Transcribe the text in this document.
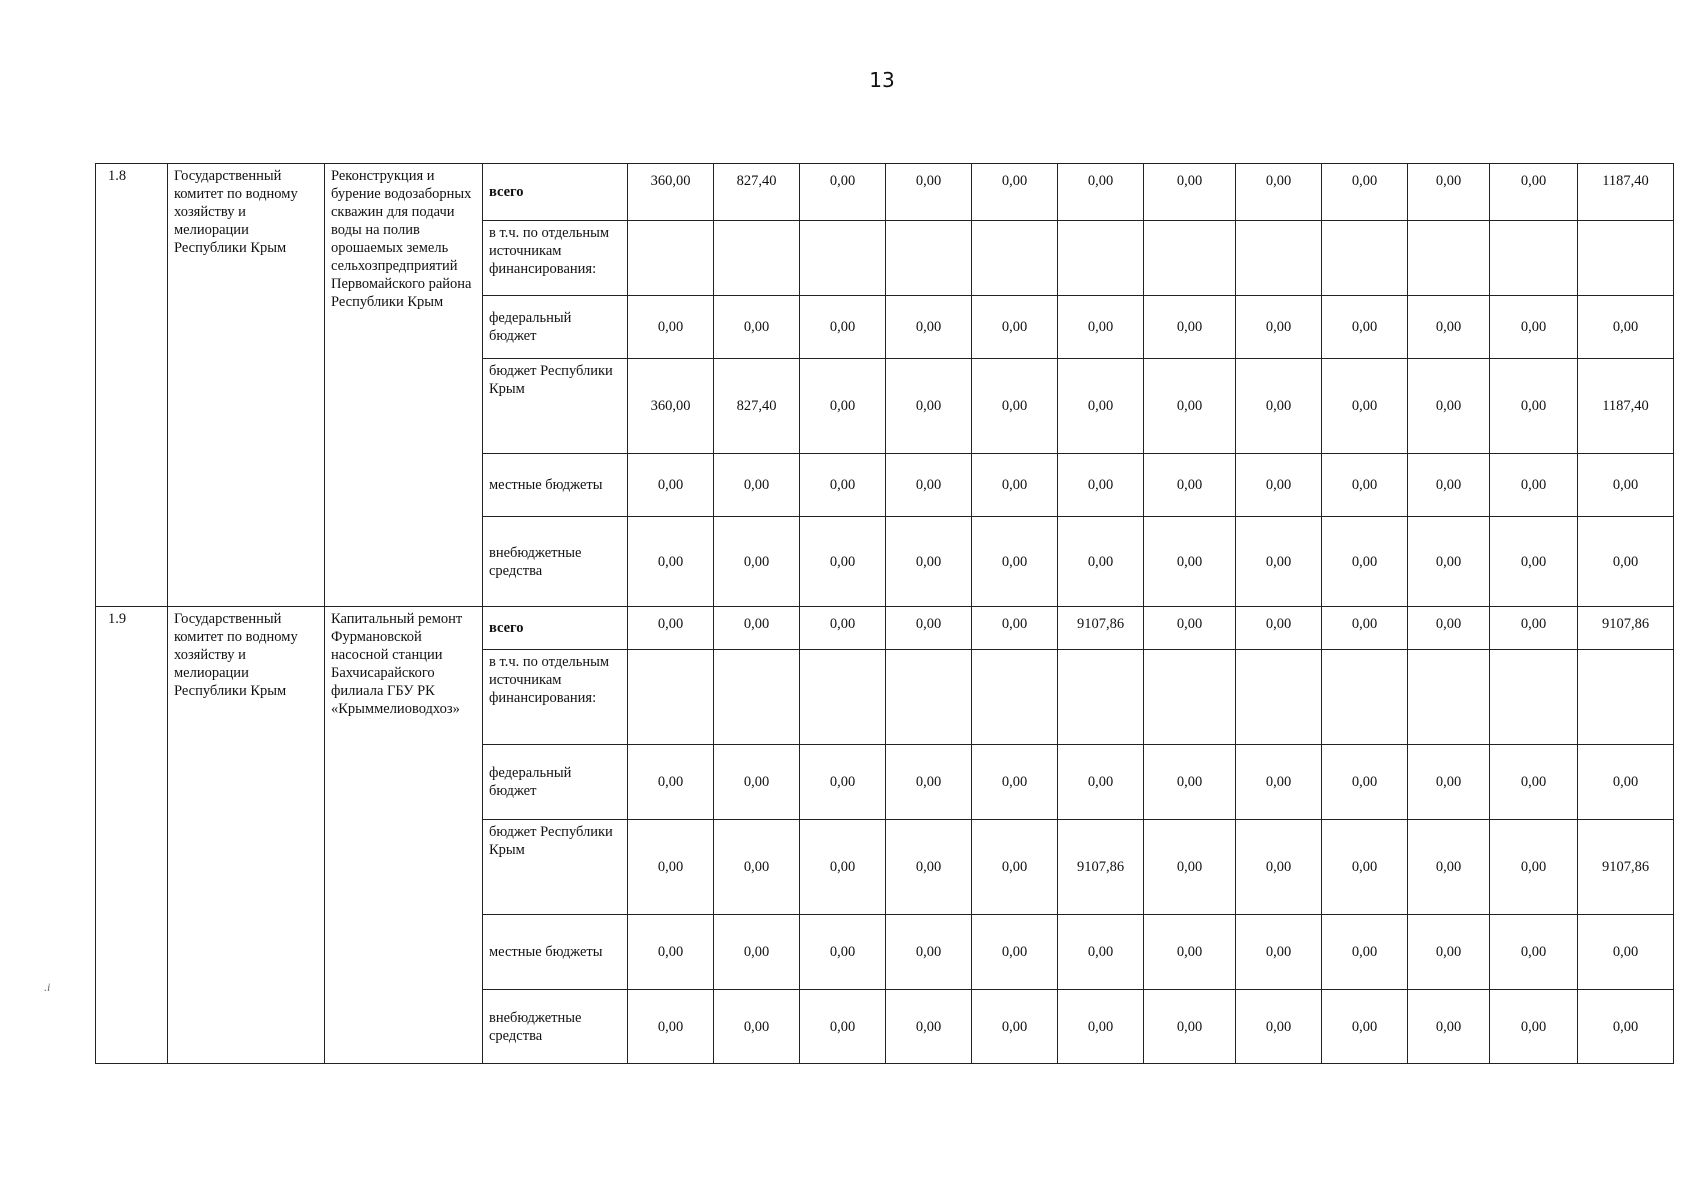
13
1.8	Государственный комитет по водному хозяйству и мелиорации Республики Крым	Реконструкция и бурение водозаборных скважин для подачи воды на полив орошаемых земель сельхозпредприятий Первомайского района Республики Крым	всего	360,00	827,40	0,00	0,00	0,00	0,00	0,00	0,00	0,00	0,00	0,00	1187,40
			в т.ч. по отдельным источникам финансирования:												
			федеральный бюджет	0,00	0,00	0,00	0,00	0,00	0,00	0,00	0,00	0,00	0,00	0,00	0,00
			бюджет Республики Крым	360,00	827,40	0,00	0,00	0,00	0,00	0,00	0,00	0,00	0,00	0,00	1187,40
			местные бюджеты	0,00	0,00	0,00	0,00	0,00	0,00	0,00	0,00	0,00	0,00	0,00	0,00
			внебюджетные средства	0,00	0,00	0,00	0,00	0,00	0,00	0,00	0,00	0,00	0,00	0,00	0,00
1.9	Государственный комитет по водному хозяйству и мелиорации Республики Крым	Капитальный ремонт Фурмановской насосной станции Бахчисарайского филиала ГБУ РК «Крыммелиоводхоз»	всего	0,00	0,00	0,00	0,00	0,00	9107,86	0,00	0,00	0,00	0,00	0,00	9107,86
			в т.ч. по отдельным источникам финансирования:												
			федеральный бюджет	0,00	0,00	0,00	0,00	0,00	0,00	0,00	0,00	0,00	0,00	0,00	0,00
			бюджет Республики Крым	0,00	0,00	0,00	0,00	0,00	9107,86	0,00	0,00	0,00	0,00	0,00	9107,86
			местные бюджеты	0,00	0,00	0,00	0,00	0,00	0,00	0,00	0,00	0,00	0,00	0,00	0,00
			внебюджетные средства	0,00	0,00	0,00	0,00	0,00	0,00	0,00	0,00	0,00	0,00	0,00	0,00
.i
